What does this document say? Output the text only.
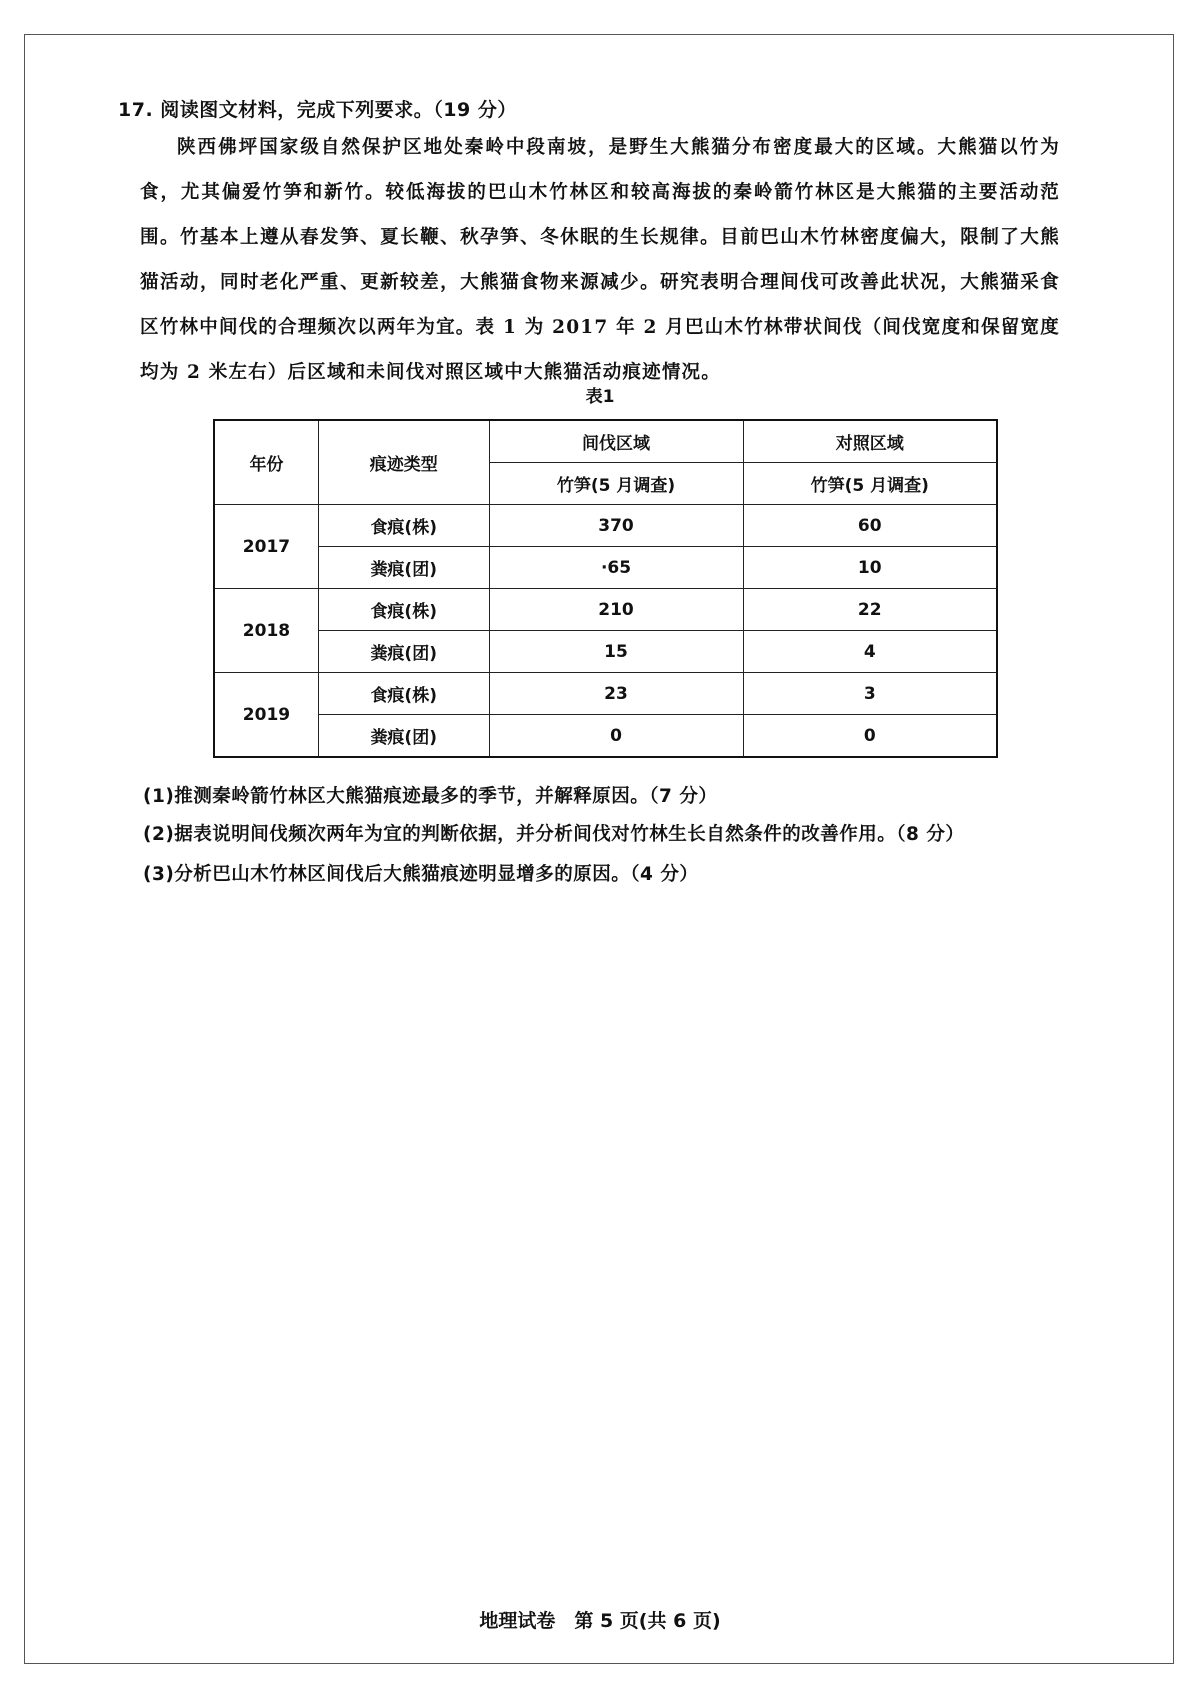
17. 阅读图文材料，完成下列要求。（19 分）
陕西佛坪国家级自然保护区地处秦岭中段南坡，是野生大熊猫分布密度最大的区域。大熊猫以竹为食，尤其偏爱竹笋和新竹。较低海拔的巴山木竹林区和较高海拔的秦岭箭竹林区是大熊猫的主要活动范围。竹基本上遵从春发笋、夏长鞭、秋孕笋、冬休眠的生长规律。目前巴山木竹林密度偏大，限制了大熊猫活动，同时老化严重、更新较差，大熊猫食物来源减少。研究表明合理间伐可改善此状况，大熊猫采食区竹林中间伐的合理频次以两年为宜。表 1 为 2017 年 2 月巴山木竹林带状间伐（间伐宽度和保留宽度均为 2 米左右）后区域和未间伐对照区域中大熊猫活动痕迹情况。
表1
年份	痕迹类型	间伐区域	对照区域
		竹笋(5 月调查)	竹笋(5 月调查)
2017	食痕(株)	370	60
	粪痕(团)	·65	10
2018	食痕(株)	210	22
	粪痕(团)	15	4
2019	食痕(株)	23	3
	粪痕(团)	0	0
(1)推测秦岭箭竹林区大熊猫痕迹最多的季节，并解释原因。（7 分）
(2)据表说明间伐频次两年为宜的判断依据，并分析间伐对竹林生长自然条件的改善作用。（8 分）
(3)分析巴山木竹林区间伐后大熊猫痕迹明显增多的原因。（4 分）
地理试卷　第 5 页(共 6 页)
